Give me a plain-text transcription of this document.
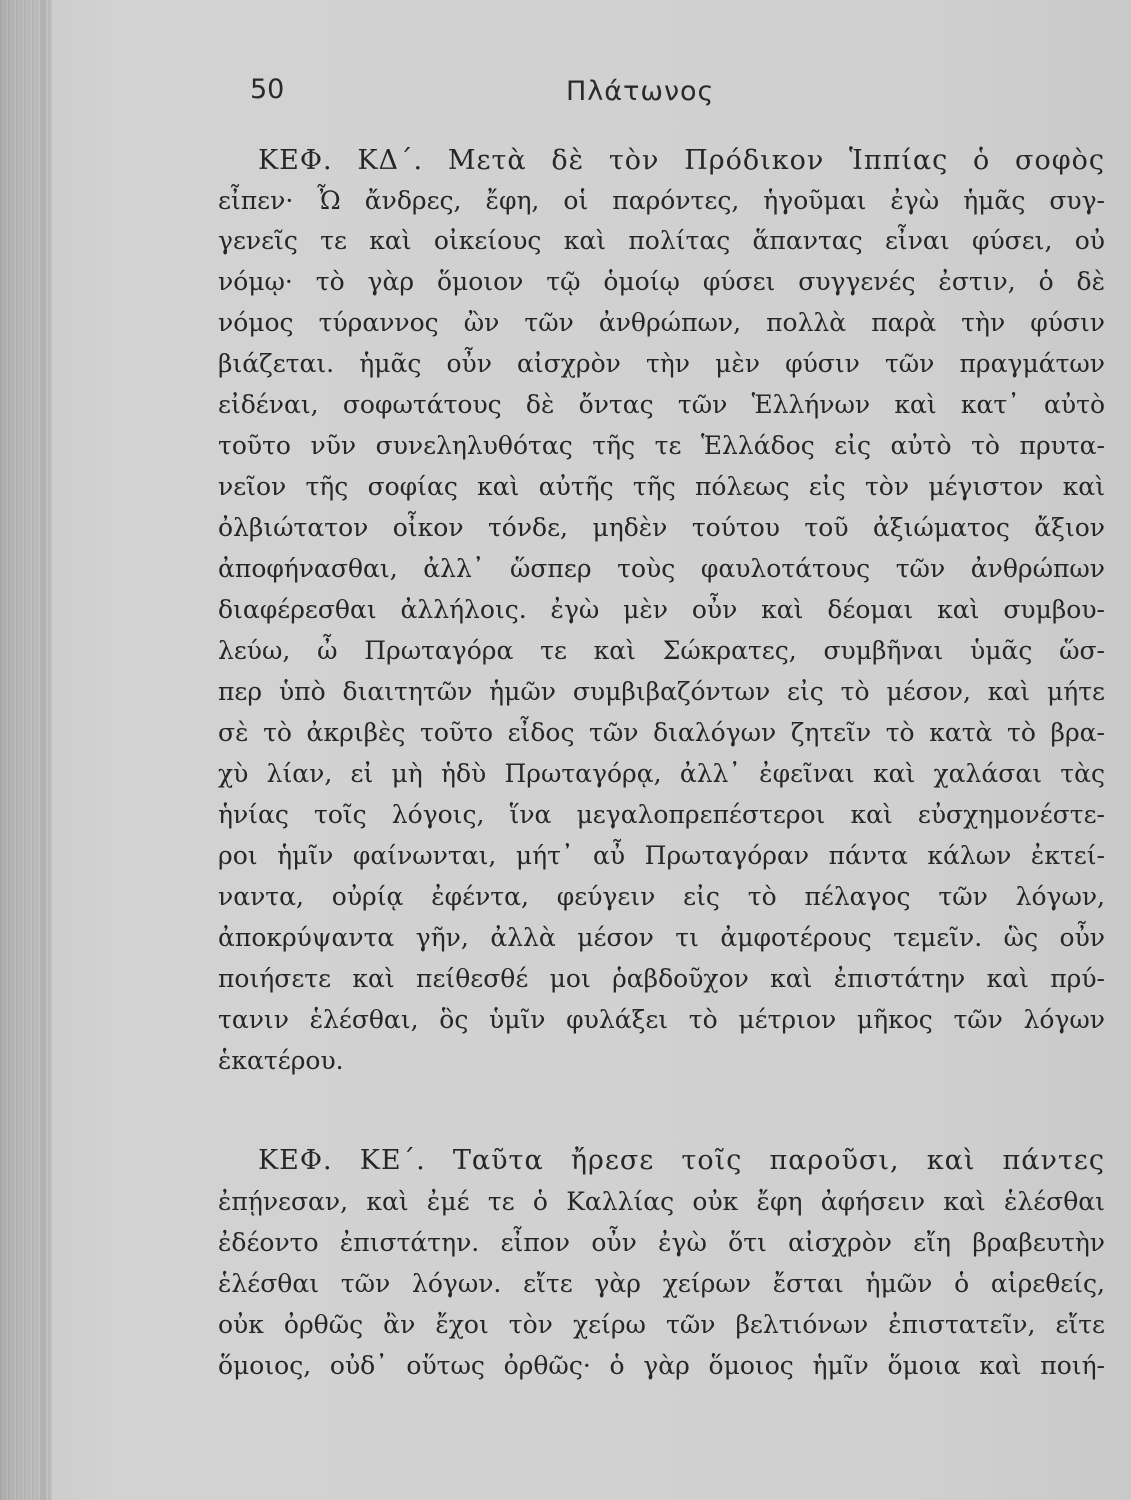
50	Πλάτωνος
ΚΕΦ. ΚΔ΄. Μετὰ δὲ τὸν Πρόδικον Ἱππίας ὁ σοφὸς
εἶπεν· Ὦ ἄνδρες, ἔφη, οἱ παρόντες, ἡγοῦμαι ἐγὼ ἡμᾶς συγ-
γενεῖς τε καὶ οἰκείους καὶ πολίτας ἅπαντας εἶναι φύσει, οὐ
νόμῳ· τὸ γὰρ ὅμοιον τῷ ὁμοίῳ φύσει συγγενές ἐστιν, ὁ δὲ
νόμος τύραννος ὢν τῶν ἀνθρώπων, πολλὰ παρὰ τὴν φύσιν
βιάζεται. ἡμᾶς οὖν αἰσχρὸν τὴν μὲν φύσιν τῶν πραγμάτων
εἰδέναι, σοφωτάτους δὲ ὄντας τῶν Ἑλλήνων καὶ κατ᾽ αὐτὸ
τοῦτο νῦν συνεληλυθότας τῆς τε Ἑλλάδος εἰς αὐτὸ τὸ πρυτα-
νεῖον τῆς σοφίας καὶ αὐτῆς τῆς πόλεως εἰς τὸν μέγιστον καὶ
ὀλβιώτατον οἶκον τόνδε, μηδὲν τούτου τοῦ ἀξιώματος ἄξιον
ἀποφήνασθαι, ἀλλ᾽ ὥσπερ τοὺς φαυλοτάτους τῶν ἀνθρώπων
διαφέρεσθαι ἀλλήλοις. ἐγὼ μὲν οὖν καὶ δέομαι καὶ συμβου-
λεύω, ὦ Πρωταγόρα τε καὶ Σώκρατες, συμβῆναι ὑμᾶς ὥσ-
περ ὑπὸ διαιτητῶν ἡμῶν συμβιβαζόντων εἰς τὸ μέσον, καὶ μήτε
σὲ τὸ ἀκριβὲς τοῦτο εἶδος τῶν διαλόγων ζητεῖν τὸ κατὰ τὸ βρα-
χὺ λίαν, εἰ μὴ ἡδὺ Πρωταγόρᾳ, ἀλλ᾽ ἐφεῖναι καὶ χαλάσαι τὰς
ἡνίας τοῖς λόγοις, ἵνα μεγαλοπρεπέστεροι καὶ εὐσχημονέστε-
ροι ἡμῖν φαίνωνται, μήτ᾽ αὖ Πρωταγόραν πάντα κάλων ἐκτεί-
ναντα, οὐρίᾳ ἐφέντα, φεύγειν εἰς τὸ πέλαγος τῶν λόγων,
ἀποκρύψαντα γῆν, ἀλλὰ μέσον τι ἀμφοτέρους τεμεῖν. ὣς οὖν
ποιήσετε καὶ πείθεσθέ μοι ῥαβδοῦχον καὶ ἐπιστάτην καὶ πρύ-
τανιν ἑλέσθαι, ὃς ὑμῖν φυλάξει τὸ μέτριον μῆκος τῶν λόγων
ἑκατέρου.
ΚΕΦ. ΚΕ΄. Ταῦτα ἤρεσε τοῖς παροῦσι, καὶ πάντες
ἐπῄνεσαν, καὶ ἐμέ τε ὁ Καλλίας οὐκ ἔφη ἀφήσειν καὶ ἑλέσθαι
ἐδέοντο ἐπιστάτην. εἶπον οὖν ἐγὼ ὅτι αἰσχρὸν εἴη βραβευτὴν
ἑλέσθαι τῶν λόγων. εἴτε γὰρ χείρων ἔσται ἡμῶν ὁ αἱρεθείς,
οὐκ ὀρθῶς ἂν ἔχοι τὸν χείρω τῶν βελτιόνων ἐπιστατεῖν, εἴτε
ὅμοιος, οὐδ᾽ οὕτως ὀρθῶς· ὁ γὰρ ὅμοιος ἡμῖν ὅμοια καὶ ποιή-
